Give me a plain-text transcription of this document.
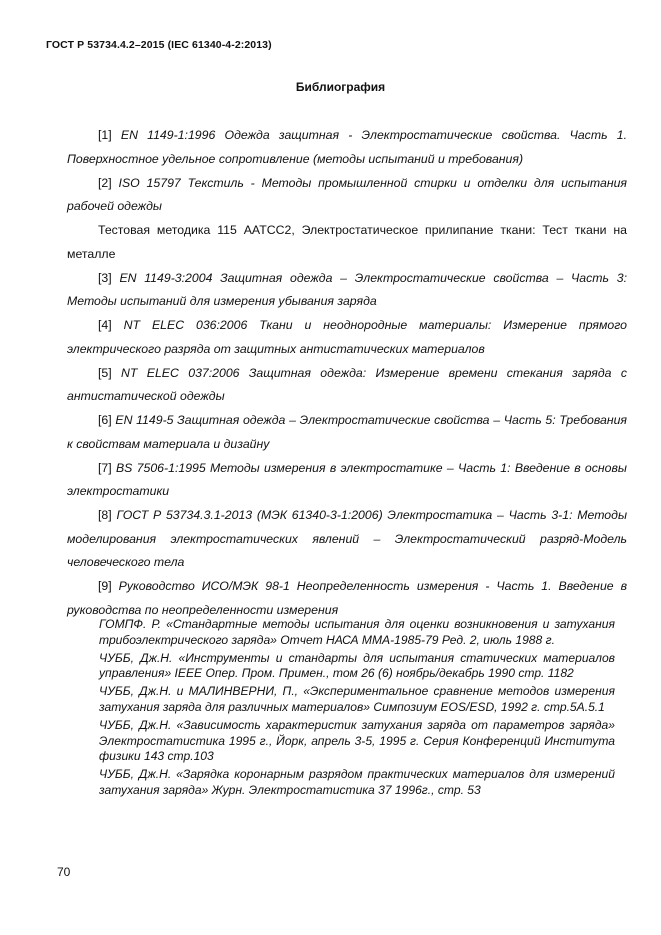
ГОСТ Р 53734.4.2–2015 (IEC 61340-4-2:2013)
Библиография

[1] EN 1149-1:1996 Одежда защитная - Электростатические свойства. Часть 1. Поверхностное удельное сопротивление (методы испытаний и требования)

[2] ISO 15797 Текстиль - Методы промышленной стирки и отделки для испытания рабочей одежды

Тестовая методика 115 AATCC2, Электростатическое прилипание ткани: Тест ткани на металле

[3] EN 1149-3:2004 Защитная одежда – Электростатические свойства – Часть 3: Методы испытаний для измерения убывания заряда

[4] NT ELEC 036:2006 Ткани и неоднородные материалы: Измерение прямого электрического разряда от защитных антистатических материалов

[5] NT ELEC 037:2006 Защитная одежда: Измерение времени стекания заряда с антистатической одежды

[6] EN 1149-5 Защитная одежда – Электростатические свойства – Часть 5: Требования к свойствам материала и дизайну

[7] BS 7506-1:1995 Методы измерения в электростатике – Часть 1: Введение в основы электростатики

[8] ГОСТ Р 53734.3.1-2013 (МЭК 61340-3-1:2006) Электростатика – Часть 3-1: Методы моделирования электростатических явлений – Электростатический разряд-Модель человеческого тела

[9] Руководство ИСО/МЭК 98-1 Неопределенность измерения - Часть 1. Введение в руководства по неопределенности измерения

ГОМПФ. Р. «Стандартные методы испытания для оценки возникновения и затухания трибоэлектрического заряда» Отчет НАСА ММА-1985-79 Ред. 2, июль 1988 г.

ЧУББ, Дж.Н. «Инструменты и стандарты для испытания статических материалов управления» IEEE Опер. Пром. Примен., том 26 (6) ноябрь/декабрь 1990 стр. 1182

ЧУББ, Дж.Н. и МАЛИНВЕРНИ, П., «Экспериментальное сравнение методов измерения затухания заряда для различных материалов» Симпозиум EOS/ESD, 1992 г. стр.5А.5.1

ЧУББ, Дж.Н. «Зависимость характеристик затухания заряда от параметров заряда» Электростатистика 1995 г., Йорк, апрель 3-5, 1995 г. Серия Конференций Института физики 143 стр.103

ЧУББ, Дж.Н. «Зарядка коронарным разрядом практических материалов для измерений затухания заряда» Журн. Электростатистика 37 1996г., стр. 53

70
